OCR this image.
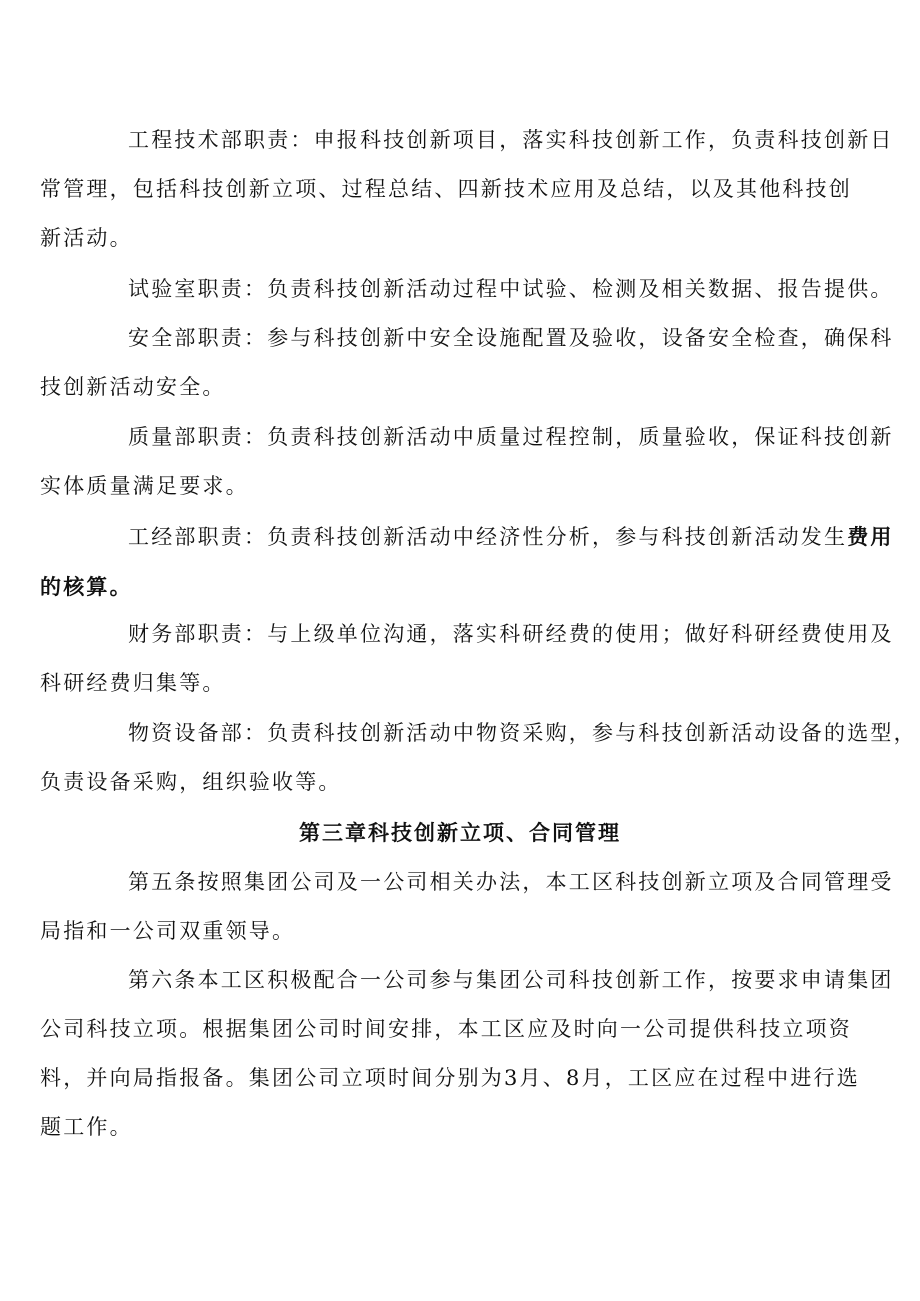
工程技术部职责：申报科技创新项目，落实科技创新工作，负责科技创新日
常管理，包括科技创新立项、过程总结、四新技术应用及总结，以及其他科技创
新活动。

试验室职责：负责科技创新活动过程中试验、检测及相关数据、报告提供。

安全部职责：参与科技创新中安全设施配置及验收，设备安全检查，确保科
技创新活动安全。

质量部职责：负责科技创新活动中质量过程控制，质量验收，保证科技创新
实体质量满足要求。

工经部职责：负责科技创新活动中经济性分析，参与科技创新活动发生费用
的核算。

财务部职责：与上级单位沟通，落实科研经费的使用；做好科研经费使用及
科研经费归集等。

物资设备部：负责科技创新活动中物资采购，参与科技创新活动设备的选型，
负责设备采购，组织验收等。

第三章科技创新立项、合同管理

第五条按照集团公司及一公司相关办法，本工区科技创新立项及合同管理受
局指和一公司双重领导。

第六条本工区积极配合一公司参与集团公司科技创新工作，按要求申请集团
公司科技立项。根据集团公司时间安排，本工区应及时向一公司提供科技立项资
料，并向局指报备。集团公司立项时间分别为3月、8月，工区应在过程中进行选
题工作。
